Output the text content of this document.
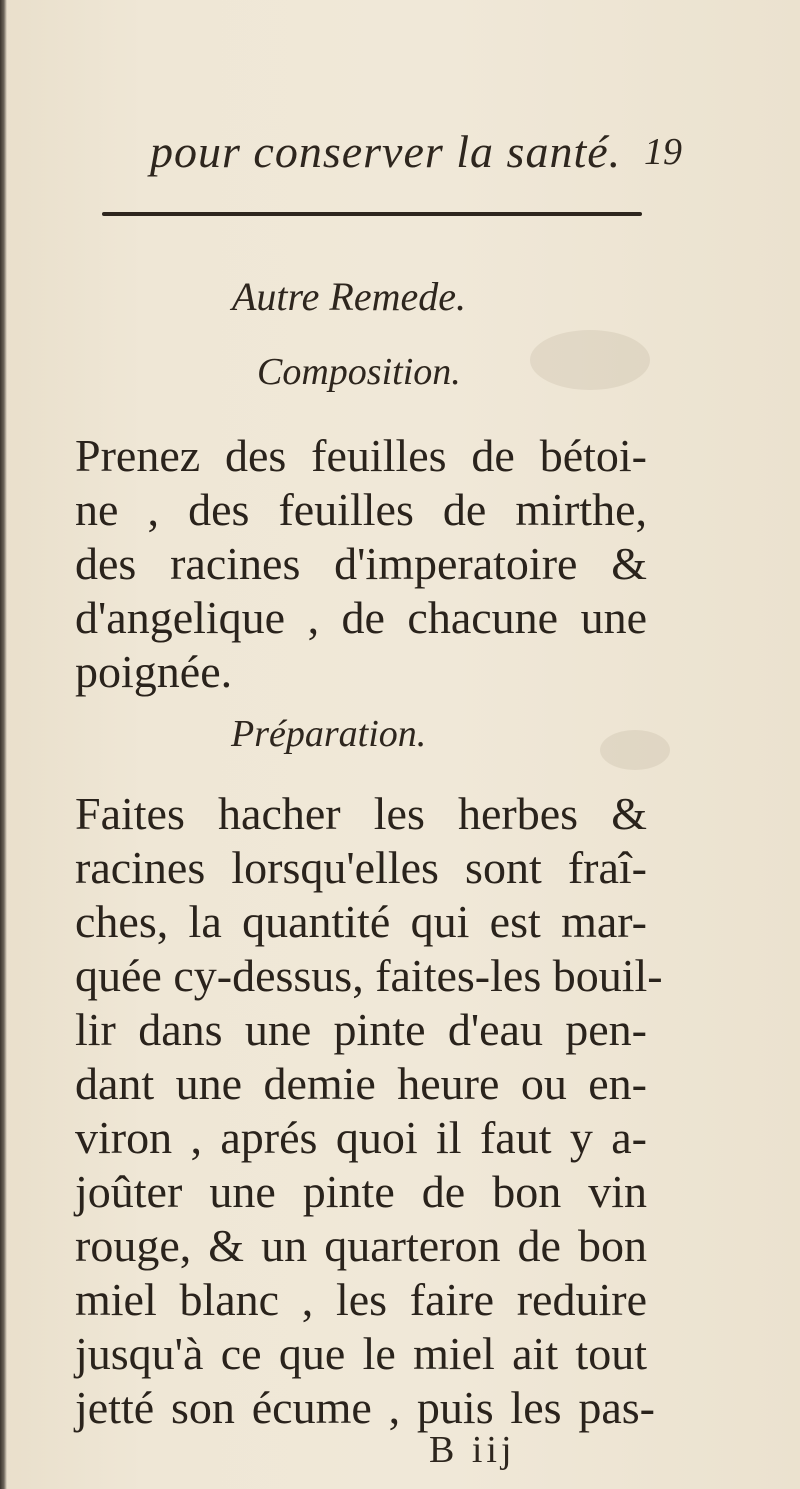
pour conserver la santé. 19
Autre Remede.
Composition.
Prenez des feuilles de bétoi-
ne , des feuilles de mirthe,
des racines d'imperatoire &
d'angelique , de chacune une
poignée.
Préparation.
Faites hacher les herbes &
racines lorsqu'elles sont fraî-
ches, la quantité qui est mar-
quée cy-dessus, faites-les bouil-
lir dans une pinte d'eau pen-
dant une demie heure ou en-
viron , aprés quoi il faut y a-
joûter une pinte de bon vin
rouge, & un quarteron de bon
miel blanc , les faire reduire
jusqu'à ce que le miel ait tout
jetté son écume , puis les pas-
B iij
